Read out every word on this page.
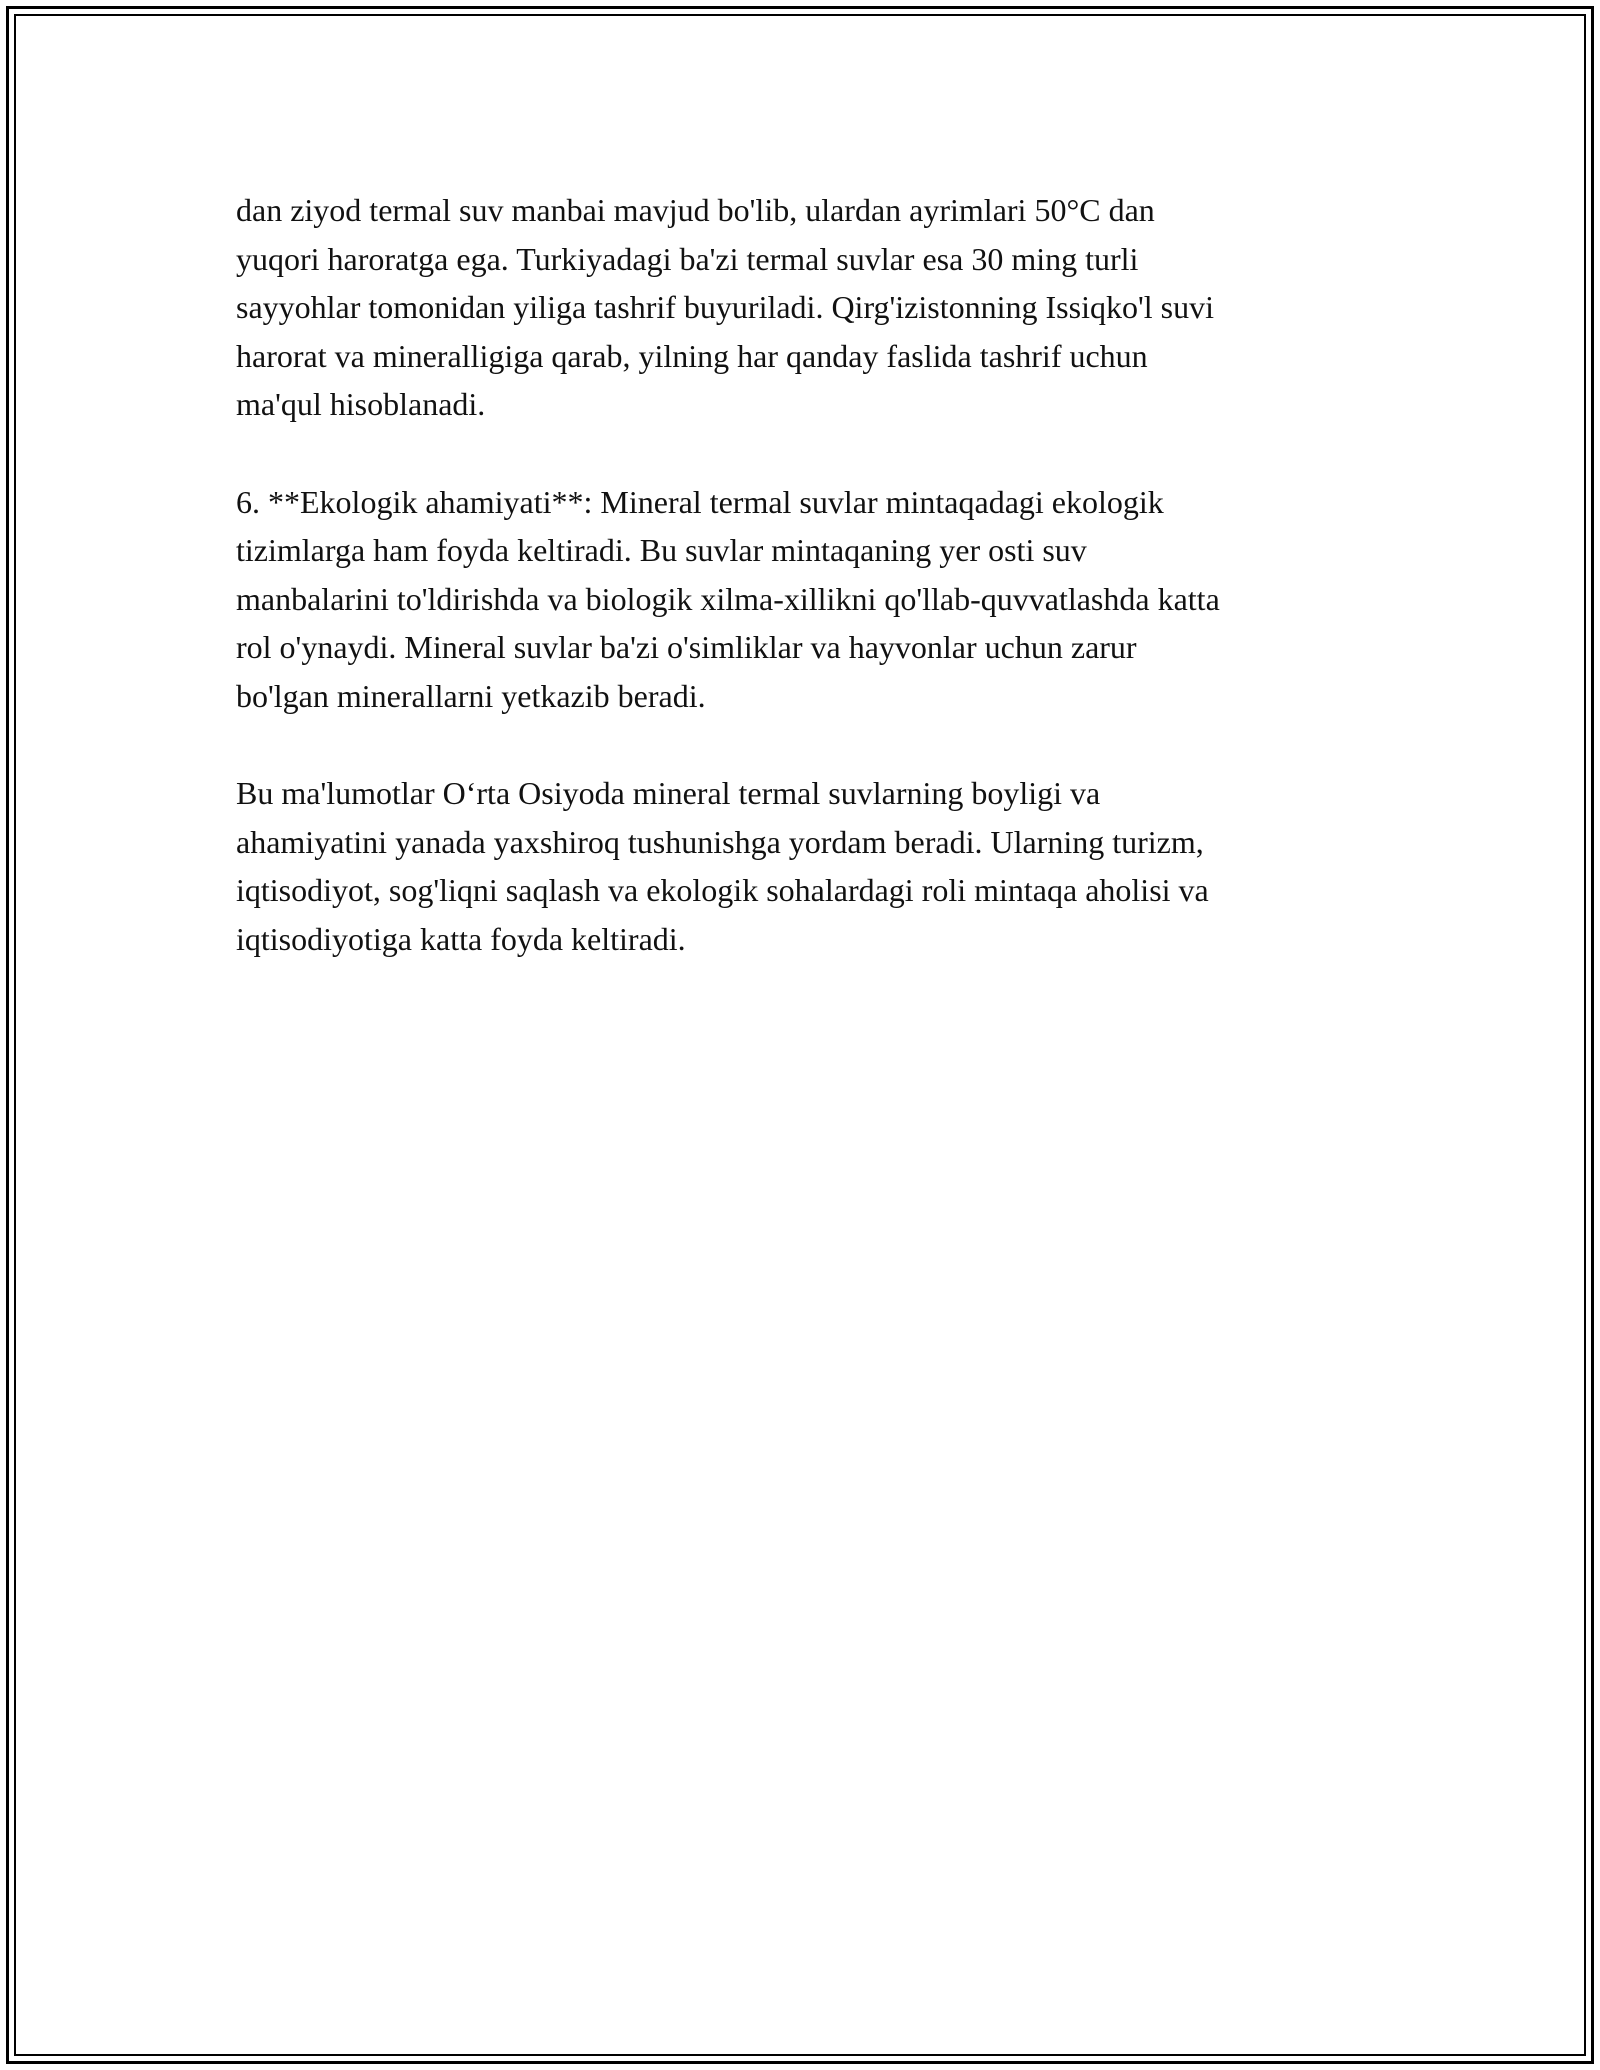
dan ziyod termal suv manbai mavjud bo'lib, ulardan ayrimlari 50°C dan
yuqori haroratga ega. Turkiyadagi ba'zi termal suvlar esa 30 ming turli
sayyohlar tomonidan yiliga tashrif buyuriladi. Qirg'izistonning Issiqko'l suvi
harorat va mineralligiga qarab, yilning har qanday faslida tashrif uchun
ma'qul hisoblanadi.

6. **Ekologik ahamiyati**: Mineral termal suvlar mintaqadagi ekologik
tizimlarga ham foyda keltiradi. Bu suvlar mintaqaning yer osti suv
manbalarini to'ldirishda va biologik xilma-xillikni qo'llab-quvvatlashda katta
rol o'ynaydi. Mineral suvlar ba'zi o'simliklar va hayvonlar uchun zarur
bo'lgan minerallarni yetkazib beradi.

Bu ma'lumotlar O‘rta Osiyoda mineral termal suvlarning boyligi va
ahamiyatini yanada yaxshiroq tushunishga yordam beradi. Ularning turizm,
iqtisodiyot, sog'liqni saqlash va ekologik sohalardagi roli mintaqa aholisi va
iqtisodiyotiga katta foyda keltiradi.
